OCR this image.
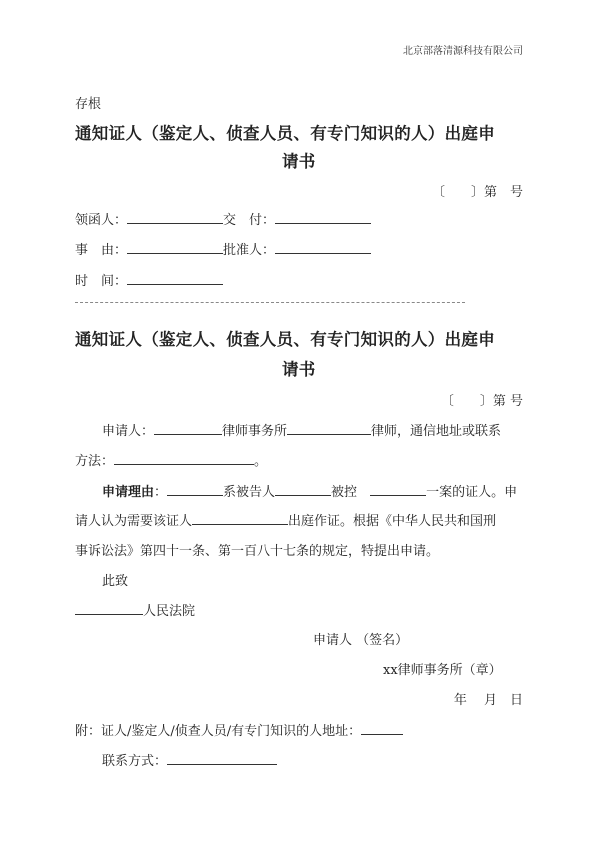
北京部落清源科技有限公司
存根
通知证人（鉴定人、侦查人员、有专门知识的人）出庭申
请书
〔　　〕第　号
领函人：	交　付：
事　由：	批准人：
时　间：
通知证人（鉴定人、侦查人员、有专门知识的人）出庭申
请书
〔　　〕第 号
申请人：	律师事务所	律师，通信地址或联系
方法：	。
申请理由：	系被告人	被控　	一案的证人。申
请人认为需要该证人	出庭作证。根据《中华人民共和国刑
事诉讼法》第四十一条、第一百八十七条的规定，特提出申请。
此致
人民法院
申请人 （签名）
xx律师事务所（章）
年　 月　日
附：证人/鉴定人/侦查人员/有专门知识的人地址：
联系方式：
